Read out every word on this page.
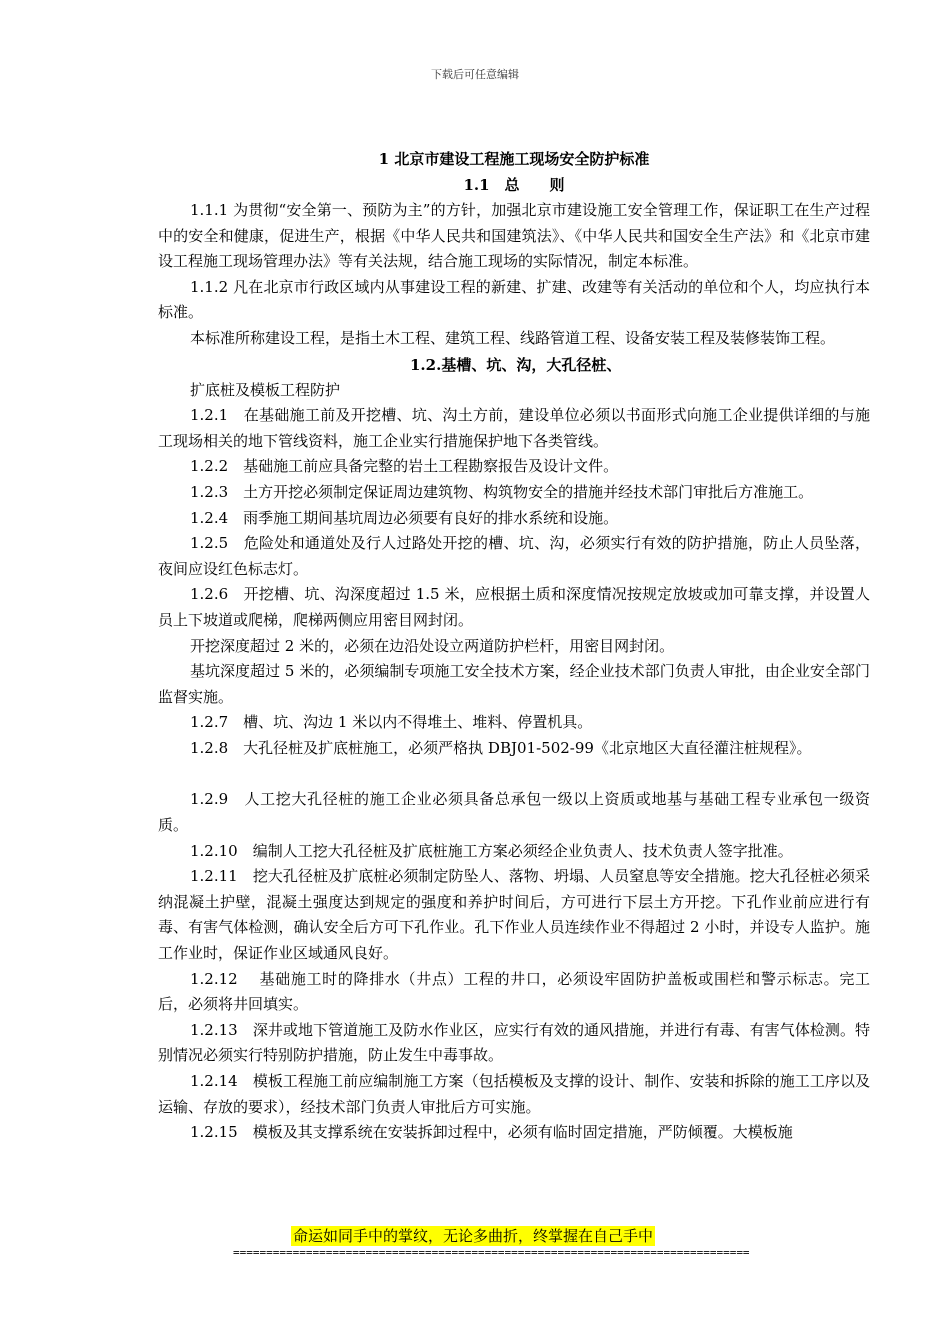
下载后可任意编辑
1 北京市建设工程施工现场安全防护标准
1.1　总　　则

1.1.1 为贯彻“安全第一、预防为主”的方针，加强北京市建设施工安全管理工作，保证职工在生产过程中的安全和健康，促进生产，根据《中华人民共和国建筑法》、《中华人民共和国安全生产法》和《北京市建设工程施工现场管理办法》等有关法规，结合施工现场的实际情况，制定本标准。

1.1.2 凡在北京市行政区域内从事建设工程的新建、扩建、改建等有关活动的单位和个人，均应执行本标准。

本标准所称建设工程，是指土木工程、建筑工程、线路管道工程、设备安装工程及装修装饰工程。

1.2.基槽、坑、沟，大孔径桩、
扩底桩及模板工程防护

1.2.1　在基础施工前及开挖槽、坑、沟土方前，建设单位必须以书面形式向施工企业提供详细的与施工现场相关的地下管线资料，施工企业实行措施保护地下各类管线。

1.2.2　基础施工前应具备完整的岩土工程勘察报告及设计文件。

1.2.3　土方开挖必须制定保证周边建筑物、构筑物安全的措施并经技术部门审批后方准施工。

1.2.4　雨季施工期间基坑周边必须要有良好的排水系统和设施。

1.2.5　危险处和通道处及行人过路处开挖的槽、坑、沟，必须实行有效的防护措施，防止人员坠落，夜间应设红色标志灯。

1.2.6　开挖槽、坑、沟深度超过 1.5 米，应根据土质和深度情况按规定放坡或加可靠支撑，并设置人员上下坡道或爬梯，爬梯两侧应用密目网封闭。

开挖深度超过 2 米的，必须在边沿处设立两道防护栏杆，用密目网封闭。

基坑深度超过 5 米的，必须编制专项施工安全技术方案，经企业技术部门负责人审批，由企业安全部门监督实施。

1.2.7　槽、坑、沟边 1 米以内不得堆土、堆料、停置机具。

1.2.8　大孔径桩及扩底桩施工，必须严格执 DBJ01-502-99《北京地区大直径灌注桩规程》。

1.2.9　人工挖大孔径桩的施工企业必须具备总承包一级以上资质或地基与基础工程专业承包一级资质。

1.2.10　编制人工挖大孔径桩及扩底桩施工方案必须经企业负责人、技术负责人签字批准。

1.2.11　挖大孔径桩及扩底桩必须制定防坠人、落物、坍塌、人员窒息等安全措施。挖大孔径桩必须采纳混凝土护壁，混凝土强度达到规定的强度和养护时间后，方可进行下层土方开挖。下孔作业前应进行有毒、有害气体检测，确认安全后方可下孔作业。孔下作业人员连续作业不得超过 2 小时，并设专人监护。施工作业时，保证作业区域通风良好。

1.2.12　 基础施工时的降排水（井点）工程的井口，必须设牢固防护盖板或围栏和警示标志。完工后，必须将井回填实。

1.2.13　深井或地下管道施工及防水作业区，应实行有效的通风措施，并进行有毒、有害气体检测。特别情况必须实行特别防护措施，防止发生中毒事故。

1.2.14　模板工程施工前应编制施工方案（包括模板及支撑的设计、制作、安装和拆除的施工工序以及运输、存放的要求），经技术部门负责人审批后方可实施。

1.2.15　模板及其支撑系统在安装拆卸过程中，必须有临时固定措施，严防倾覆。大模板施

命运如同手中的掌纹，无论多曲折，终掌握在自己手中
==============================================================================
